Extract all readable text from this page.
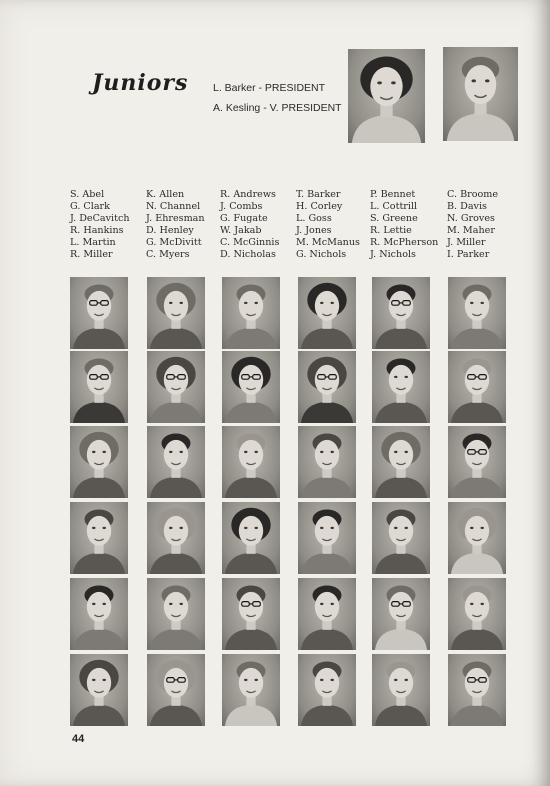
Juniors L. Barker - PRESIDENT
A. Kesling - V. PRESIDENT
S. Abel
G. Clark
J. DeCavitch
R. Hankins
L. Martin
R. Miller
K. Allen
N. Channel
J. Ehresman
D. Henley
G. McDivitt
C. Myers
R. Andrews
J. Combs
G. Fugate
W. Jakab
C. McGinnis
D. Nicholas
T. Barker
H. Corley
L. Goss
J. Jones
M. McManus
G. Nichols
P. Bennet
L. Cottrill
S. Greene
R. Lettie
R. McPherson
J. Nichols
C. Broome
B. Davis
N. Groves
M. Maher
J. Miller
I. Parker
44
